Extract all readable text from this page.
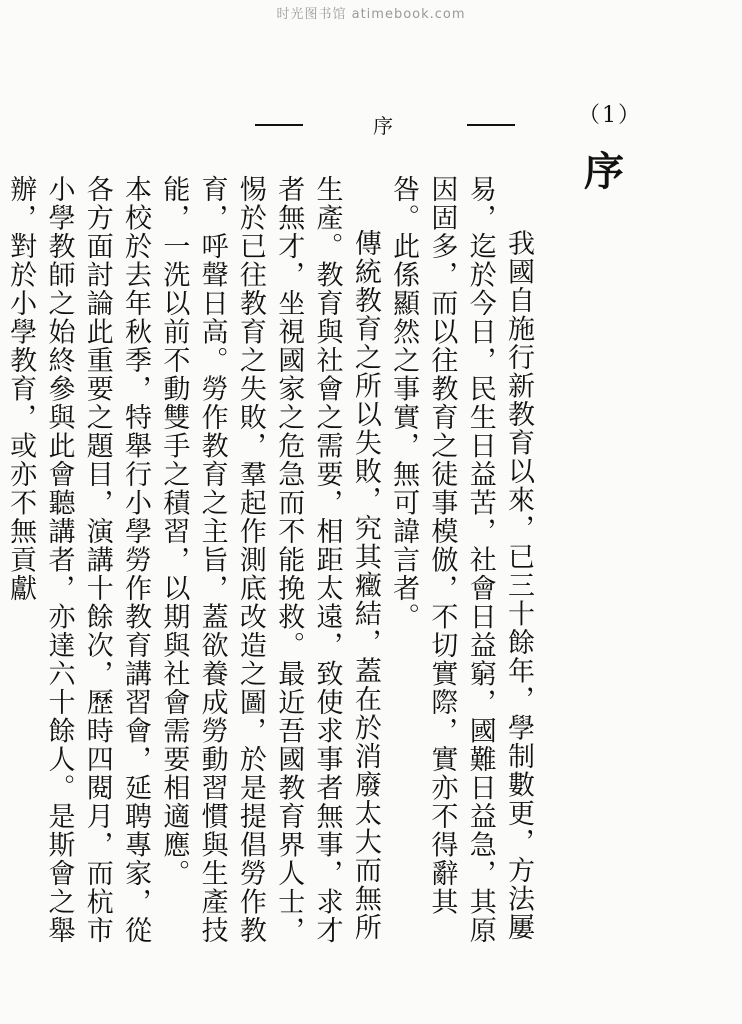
时光图书馆 atimebook.com
（1）
序
序

我國自施行新教育以來，已三十餘年，學制數更，方法屢易，迄於今日，民生日益苦，社會日益窮，國難日益急，其原因固多，而以往教育之徒事模倣，不切實際，實亦不得辭其咎。此係顯然之事實，無可諱言者。

傳統教育之所以失敗，究其癥結，蓋在於消廢太大而無所生產。教育與社會之需要，相距太遠，致使求事者無事，求才者無才，坐視國家之危急而不能挽救。最近吾國教育界人士，惕於已往教育之失敗，羣起作測底改造之圖，於是提倡勞作教育，呼聲日高。勞作教育之主旨，蓋欲養成勞動習慣與生產技能，一洗以前不動雙手之積習，以期與社會需要相適應。

本校於去年秋季，特舉行小學勞作教育講習會，延聘專家，從各方面討論此重要之題目，演講十餘次，歷時四閱月，而杭市小學教師之始終參與此會聽講者，亦達六十餘人。是斯會之舉辦，對於小學教育，或亦不無貢獻
